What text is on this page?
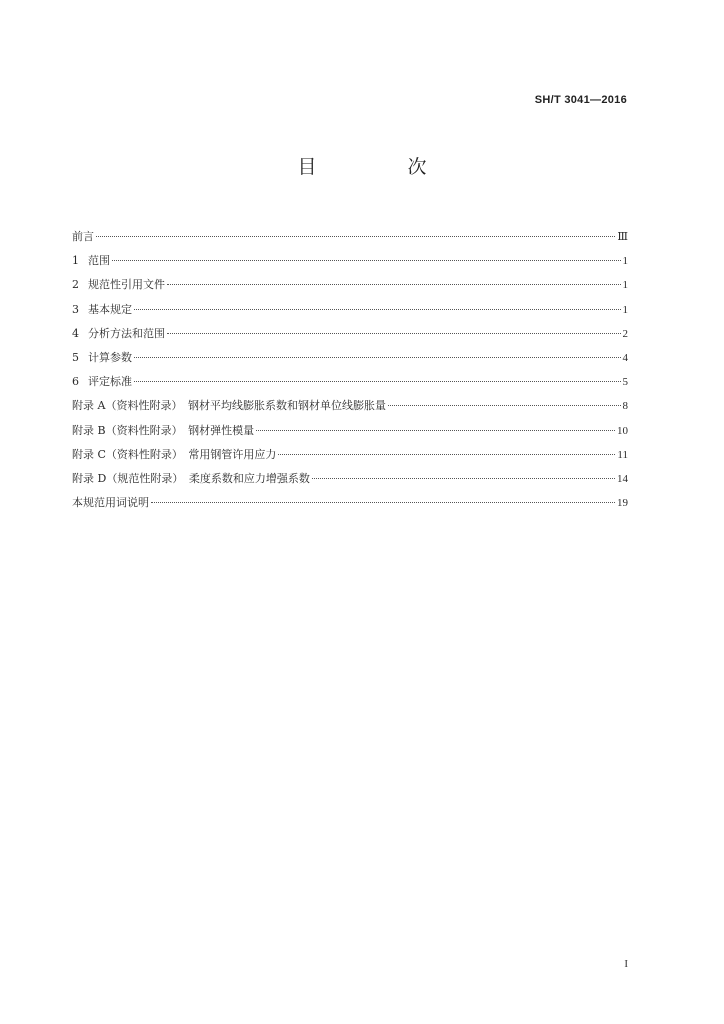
SH/T 3041—2016
目　次
前言	Ⅲ
1 范围	1
2 规范性引用文件	1
3 基本规定	1
4 分析方法和范围	2
5 计算参数	4
6 评定标准	5
附录 A（资料性附录）　钢材平均线膨胀系数和钢材单位线膨胀量	8
附录 B（资料性附录）　钢材弹性模量	10
附录 C（资料性附录）　常用钢管许用应力	11
附录 D（规范性附录）　柔度系数和应力增强系数	14
本规范用词说明	19
I
